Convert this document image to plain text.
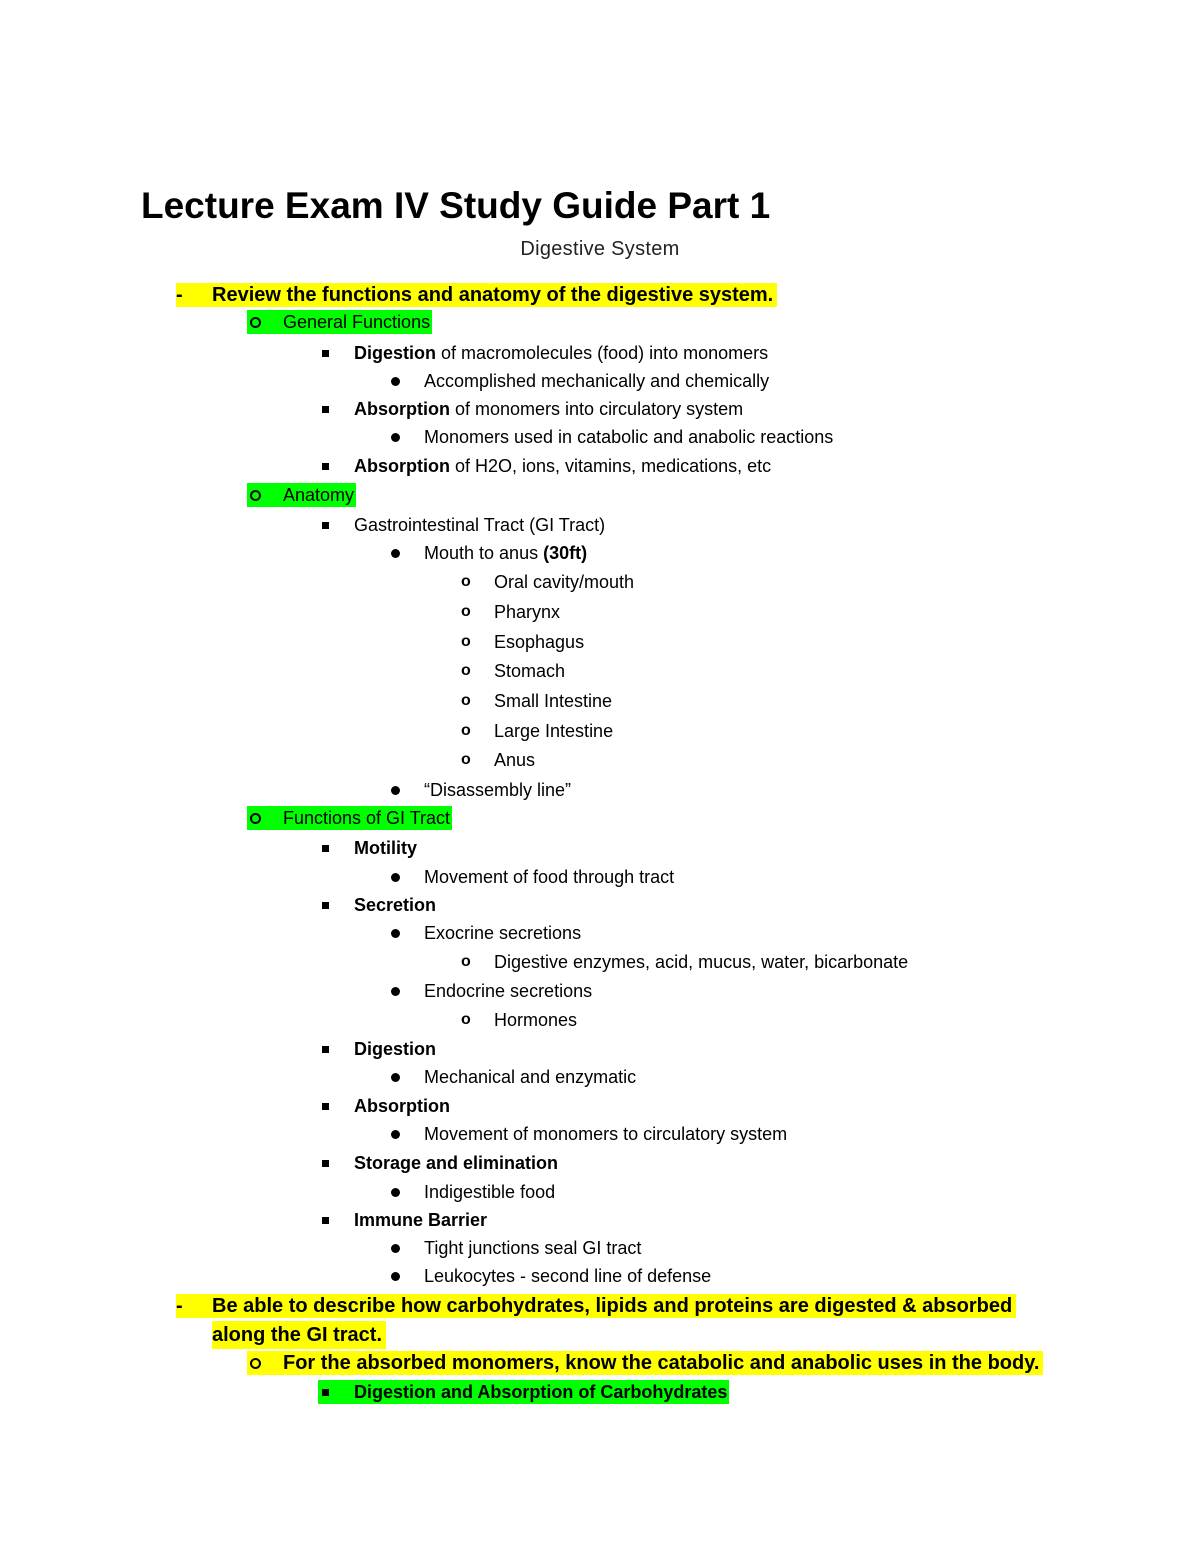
Lecture Exam IV Study Guide Part 1
Digestive System
-	Review the functions and anatomy of the digestive system.
General Functions
Digestion of macromolecules (food) into monomers
Accomplished mechanically and chemically
Absorption of monomers into circulatory system
Monomers used in catabolic and anabolic reactions
Absorption of H2O, ions, vitamins, medications, etc
Anatomy
Gastrointestinal Tract (GI Tract)
Mouth to anus (30ft)
o	Oral cavity/mouth
o	Pharynx
o	Esophagus
o	Stomach
o	Small Intestine
o	Large Intestine
o	Anus
“Disassembly line”
Functions of GI Tract
Motility
Movement of food through tract
Secretion
Exocrine secretions
o	Digestive enzymes, acid, mucus, water, bicarbonate
Endocrine secretions
o	Hormones
Digestion
Mechanical and enzymatic
Absorption
Movement of monomers to circulatory system
Storage and elimination
Indigestible food
Immune Barrier
Tight junctions seal GI tract
Leukocytes - second line of defense
-	Be able to describe how carbohydrates, lipids and proteins are digested & absorbed
along the GI tract.
For the absorbed monomers, know the catabolic and anabolic uses in the body.
Digestion and Absorption of Carbohydrates
